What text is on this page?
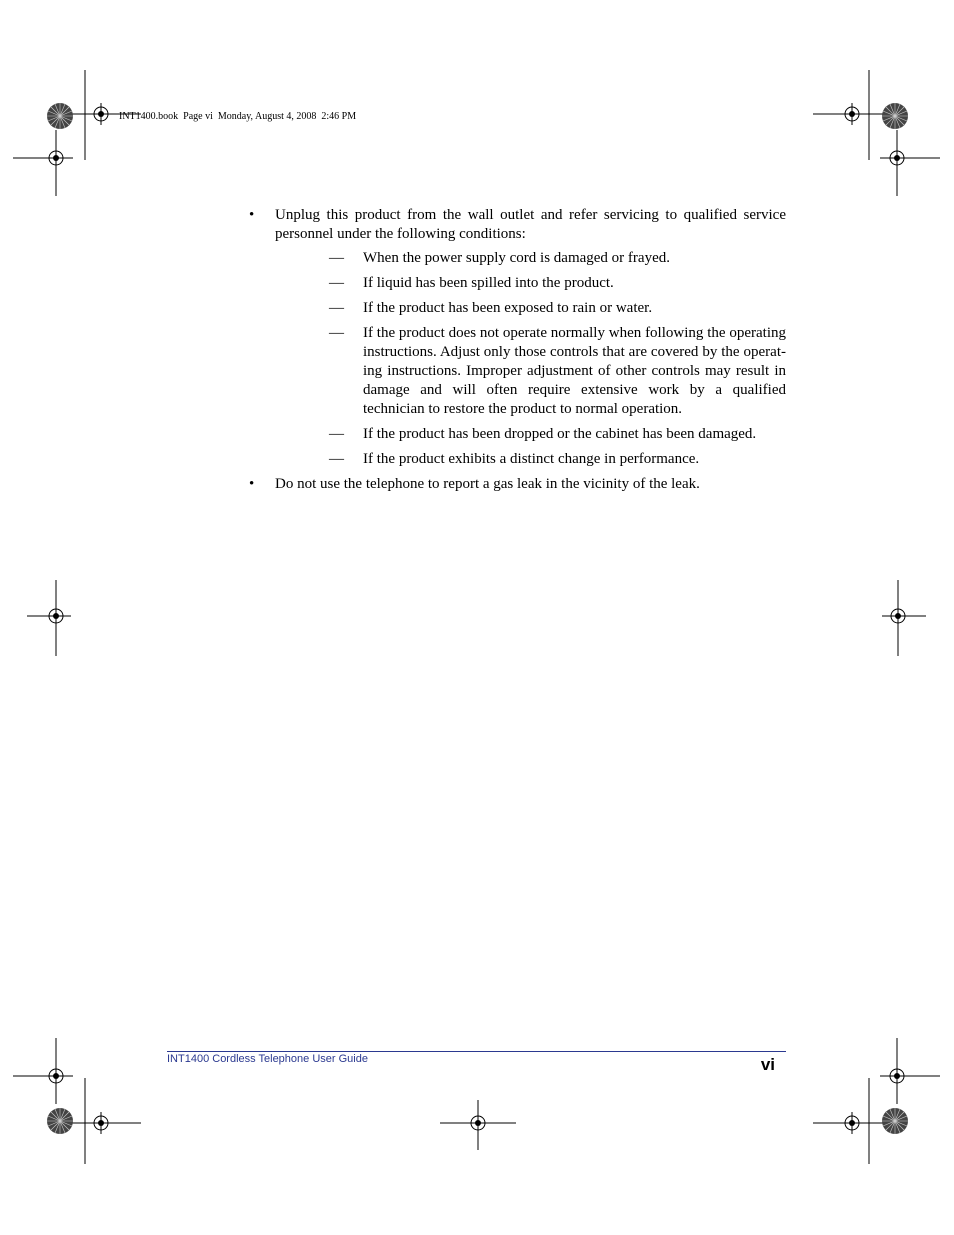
INT1400.book  Page vi  Monday, August 4, 2008  2:46 PM
• Unplug this product from the wall outlet and refer servicing to qualified service personnel under the following conditions:
— When the power supply cord is damaged or frayed.
— If liquid has been spilled into the product.
— If the product has been exposed to rain or water.
— If the product does not operate normally when following the operating instructions. Adjust only those controls that are covered by the operat-ing instructions. Improper adjustment of other controls may result in damage and will often require extensive work by a qualified technician to restore the product to normal operation.
— If the product has been dropped or the cabinet has been damaged.
— If the product exhibits a distinct change in performance.
• Do not use the telephone to report a gas leak in the vicinity of the leak.
INT1400 Cordless Telephone User Guide	vi
